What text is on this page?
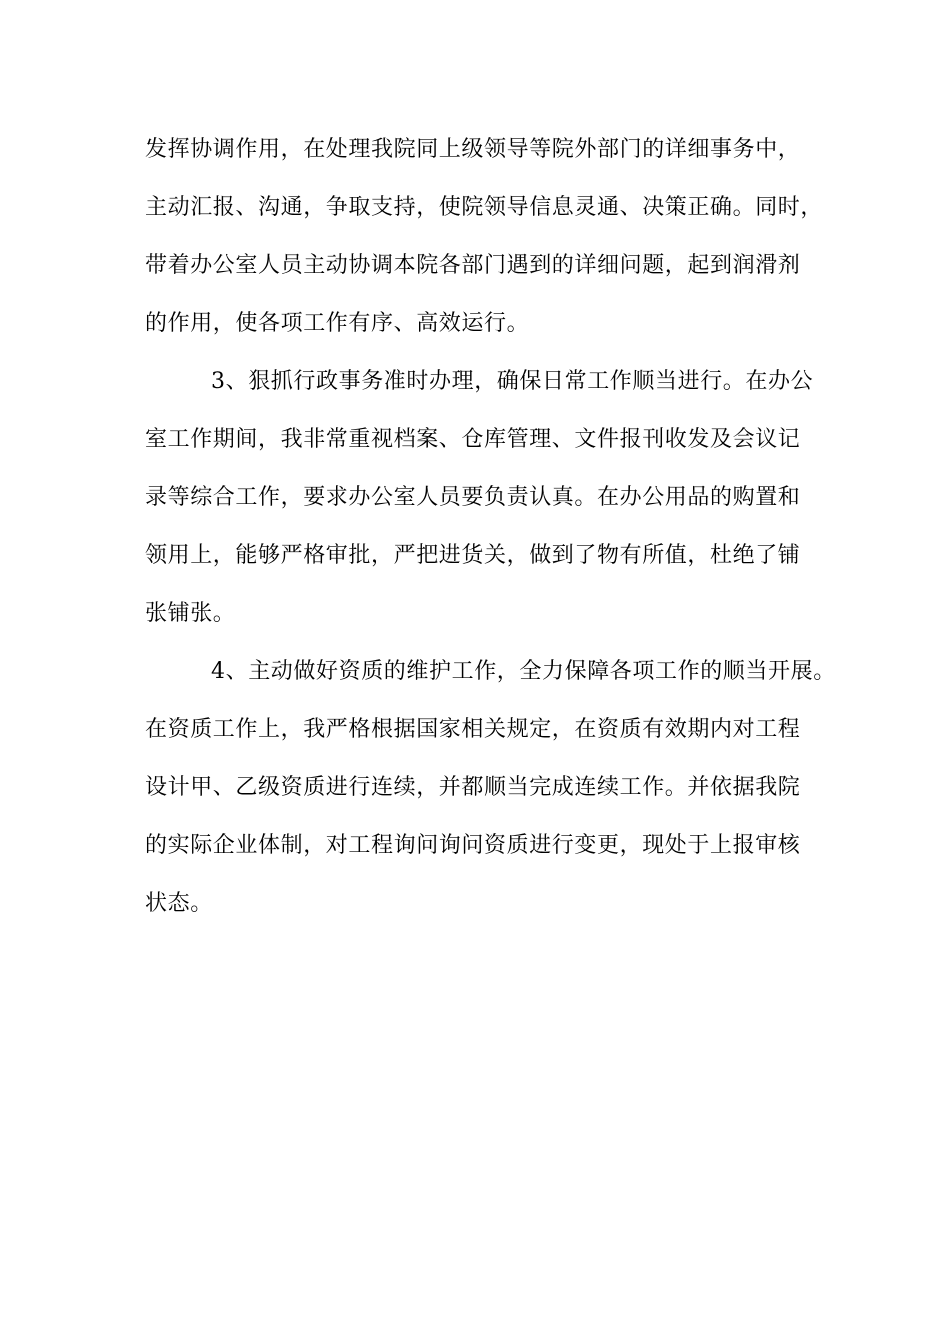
发挥协调作用，在处理我院同上级领导等院外部门的详细事务中，
主动汇报、沟通，争取支持，使院领导信息灵通、决策正确。同时，
带着办公室人员主动协调本院各部门遇到的详细问题，起到润滑剂
的作用，使各项工作有序、高效运行。
3、狠抓行政事务准时办理，确保日常工作顺当进行。在办公
室工作期间，我非常重视档案、仓库管理、文件报刊收发及会议记
录等综合工作，要求办公室人员要负责认真。在办公用品的购置和
领用上，能够严格审批，严把进货关，做到了物有所值，杜绝了铺
张铺张。
4、主动做好资质的维护工作，全力保障各项工作的顺当开展。
在资质工作上，我严格根据国家相关规定，在资质有效期内对工程
设计甲、乙级资质进行连续，并都顺当完成连续工作。并依据我院
的实际企业体制，对工程询问询问资质进行变更，现处于上报审核
状态。
